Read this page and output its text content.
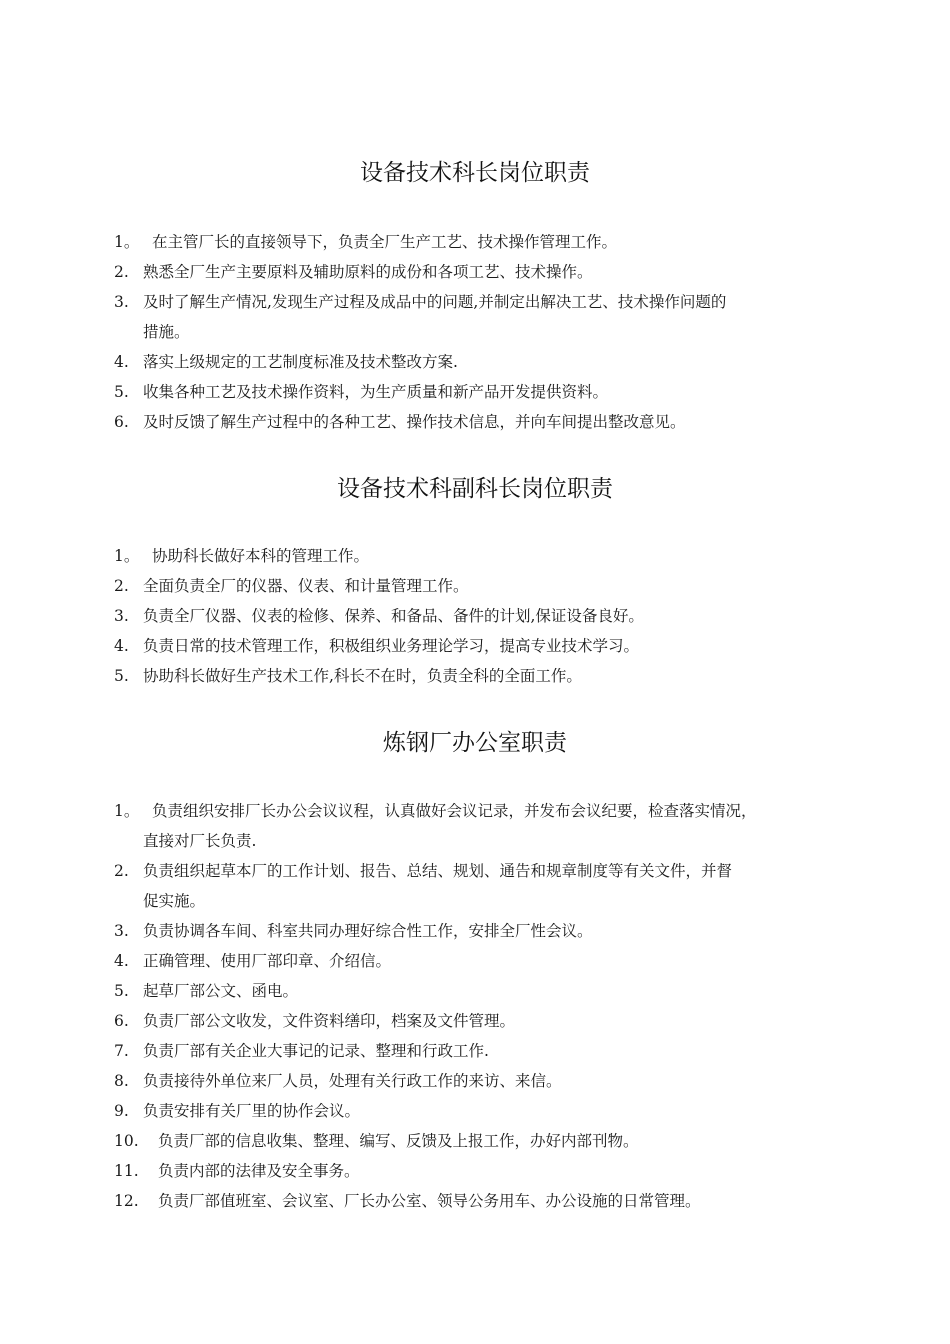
设备技术科长岗位职责
1。 在主管厂长的直接领导下，负责全厂生产工艺、技术操作管理工作。
2. 熟悉全厂生产主要原料及辅助原料的成份和各项工艺、技术操作。
3. 及时了解生产情况,发现生产过程及成品中的问题,并制定出解决工艺、技术操作问题的
措施。
4. 落实上级规定的工艺制度标准及技术整改方案.
5. 收集各种工艺及技术操作资料，为生产质量和新产品开发提供资料。
6. 及时反馈了解生产过程中的各种工艺、操作技术信息，并向车间提出整改意见。
设备技术科副科长岗位职责
1。 协助科长做好本科的管理工作。
2. 全面负责全厂的仪器、仪表、和计量管理工作。
3. 负责全厂仪器、仪表的检修、保养、和备品、备件的计划,保证设备良好。
4. 负责日常的技术管理工作，积极组织业务理论学习，提高专业技术学习。
5. 协助科长做好生产技术工作,科长不在时，负责全科的全面工作。
炼钢厂办公室职责
1。 负责组织安排厂长办公会议议程，认真做好会议记录，并发布会议纪要，检查落实情况，
直接对厂长负责.
2. 负责组织起草本厂的工作计划、报告、总结、规划、通告和规章制度等有关文件，并督
促实施。
3. 负责协调各车间、科室共同办理好综合性工作，安排全厂性会议。
4. 正确管理、使用厂部印章、介绍信。
5. 起草厂部公文、函电。
6. 负责厂部公文收发，文件资料缮印，档案及文件管理。
7. 负责厂部有关企业大事记的记录、整理和行政工作.
8. 负责接待外单位来厂人员，处理有关行政工作的来访、来信。
9. 负责安排有关厂里的协作会议。
10.	负责厂部的信息收集、整理、编写、反馈及上报工作，办好内部刊物。
11.	负责内部的法律及安全事务。
12.	负责厂部值班室、会议室、厂长办公室、领导公务用车、办公设施的日常管理。
